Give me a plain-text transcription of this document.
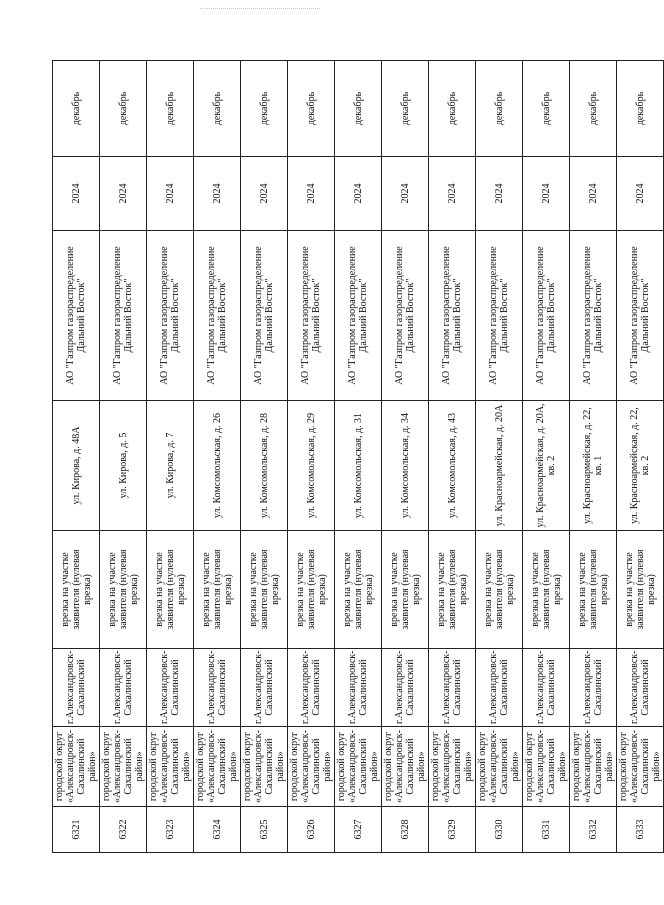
6321	городской округ «Александровск-Сахалинский район»	г.Александровск-Сахалинский	врезка на участке заявителя (нулевая врезка)	ул. Кирова, д. 48А	АО "Газпром газораспределение Дальний Восток"	2024	декабрь
6322	городской округ «Александровск-Сахалинский район»	г.Александровск-Сахалинский	врезка на участке заявителя (нулевая врезка)	ул. Кирова, д. 5	АО "Газпром газораспределение Дальний Восток"	2024	декабрь
6323	городской округ «Александровск-Сахалинский район»	г.Александровск-Сахалинский	врезка на участке заявителя (нулевая врезка)	ул. Кирова, д. 7	АО "Газпром газораспределение Дальний Восток"	2024	декабрь
6324	городской округ «Александровск-Сахалинский район»	г.Александровск-Сахалинский	врезка на участке заявителя (нулевая врезка)	ул. Комсомольская, д. 26	АО "Газпром газораспределение Дальний Восток"	2024	декабрь
6325	городской округ «Александровск-Сахалинский район»	г.Александровск-Сахалинский	врезка на участке заявителя (нулевая врезка)	ул. Комсомольская, д. 28	АО "Газпром газораспределение Дальний Восток"	2024	декабрь
6326	городской округ «Александровск-Сахалинский район»	г.Александровск-Сахалинский	врезка на участке заявителя (нулевая врезка)	ул. Комсомольская, д. 29	АО "Газпром газораспределение Дальний Восток"	2024	декабрь
6327	городской округ «Александровск-Сахалинский район»	г.Александровск-Сахалинский	врезка на участке заявителя (нулевая врезка)	ул. Комсомольская, д. 31	АО "Газпром газораспределение Дальний Восток"	2024	декабрь
6328	городской округ «Александровск-Сахалинский район»	г.Александровск-Сахалинский	врезка на участке заявителя (нулевая врезка)	ул. Комсомольская, д. 34	АО "Газпром газораспределение Дальний Восток"	2024	декабрь
6329	городской округ «Александровск-Сахалинский район»	г.Александровск-Сахалинский	врезка на участке заявителя (нулевая врезка)	ул. Комсомольская, д. 43	АО "Газпром газораспределение Дальний Восток"	2024	декабрь
6330	городской округ «Александровск-Сахалинский район»	г.Александровск-Сахалинский	врезка на участке заявителя (нулевая врезка)	ул. Красноармейская, д. 20А	АО "Газпром газораспределение Дальний Восток"	2024	декабрь
6331	городской округ «Александровск-Сахалинский район»	г.Александровск-Сахалинский	врезка на участке заявителя (нулевая врезка)	ул. Красноармейская, д. 20А, кв. 2	АО "Газпром газораспределение Дальний Восток"	2024	декабрь
6332	городской округ «Александровск-Сахалинский район»	г.Александровск-Сахалинский	врезка на участке заявителя (нулевая врезка)	ул. Красноармейская, д. 22, кв. 1	АО "Газпром газораспределение Дальний Восток"	2024	декабрь
6333	городской округ «Александровск-Сахалинский район»	г.Александровск-Сахалинский	врезка на участке заявителя (нулевая врезка)	ул. Красноармейская, д. 22, кв. 2	АО "Газпром газораспределение Дальний Восток"	2024	декабрь
